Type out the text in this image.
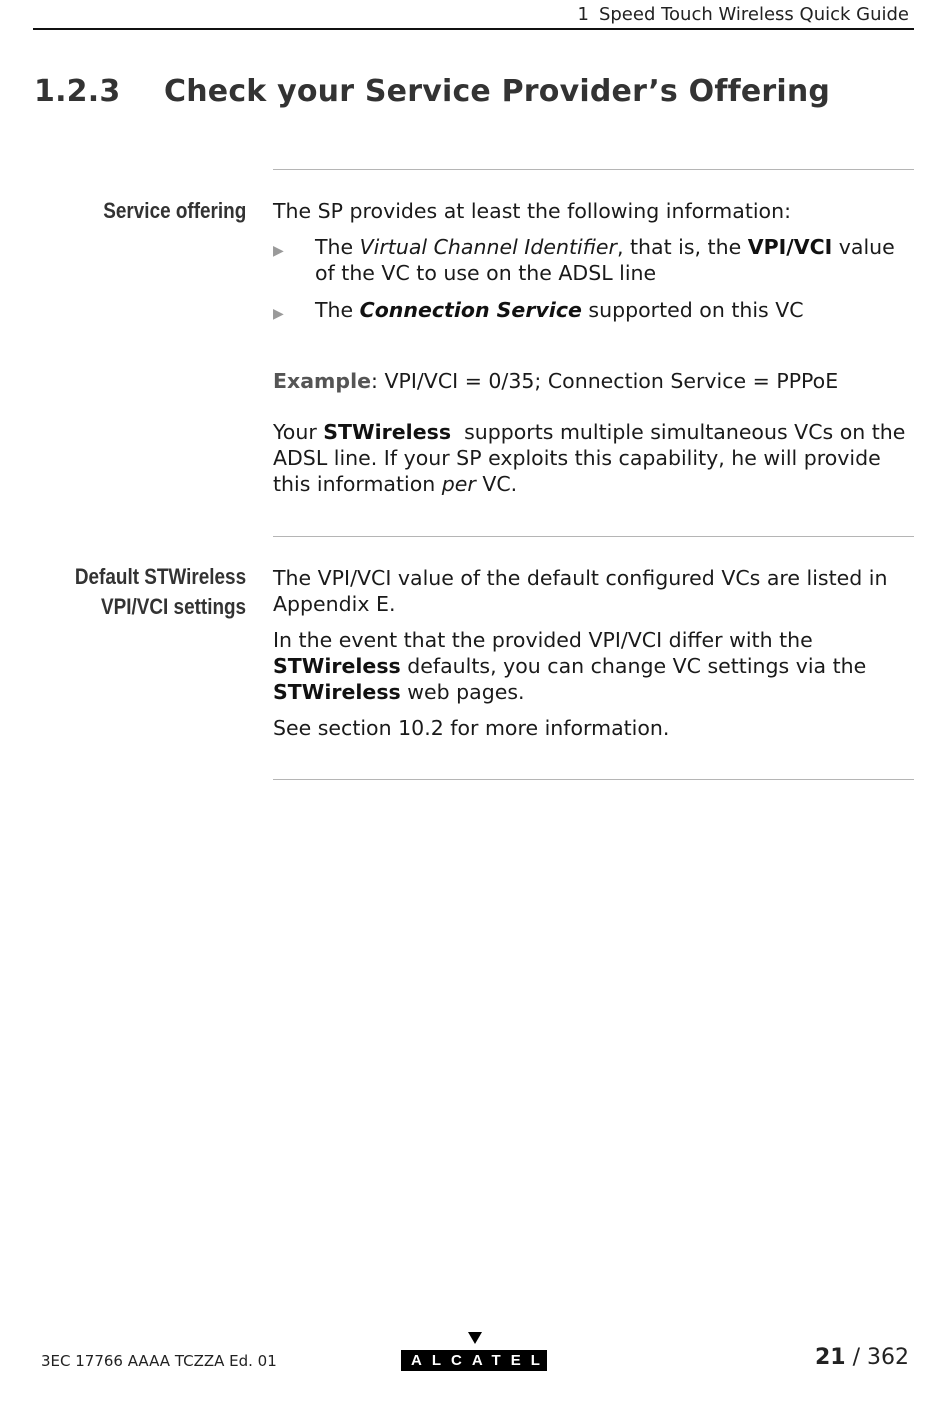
1 Speed Touch Wireless Quick Guide
1.2.3 Check your Service Provider’s Offering
Service offering The SP provides at least the following information:

▶ The Virtual Channel Identifier, that is, the VPI/VCI value of the VC to use on the ADSL line
▶ The Connection Service supported on this VC

Example: VPI/VCI = 0/35; Connection Service = PPPoE

Your STWireless  supports multiple simultaneous VCs on the ADSL line. If your SP exploits this capability, he will provide this information per VC.

Default STWireless
VPI/VCI settings

The VPI/VCI value of the default configured VCs are listed in Appendix E.

In the event that the provided VPI/VCI differ with the  STWireless defaults, you can change VC settings via the STWireless web pages.

See section 10.2 for more information.

3EC 17766 AAAA TCZZA Ed. 01	ALCATEL	21 / 362
